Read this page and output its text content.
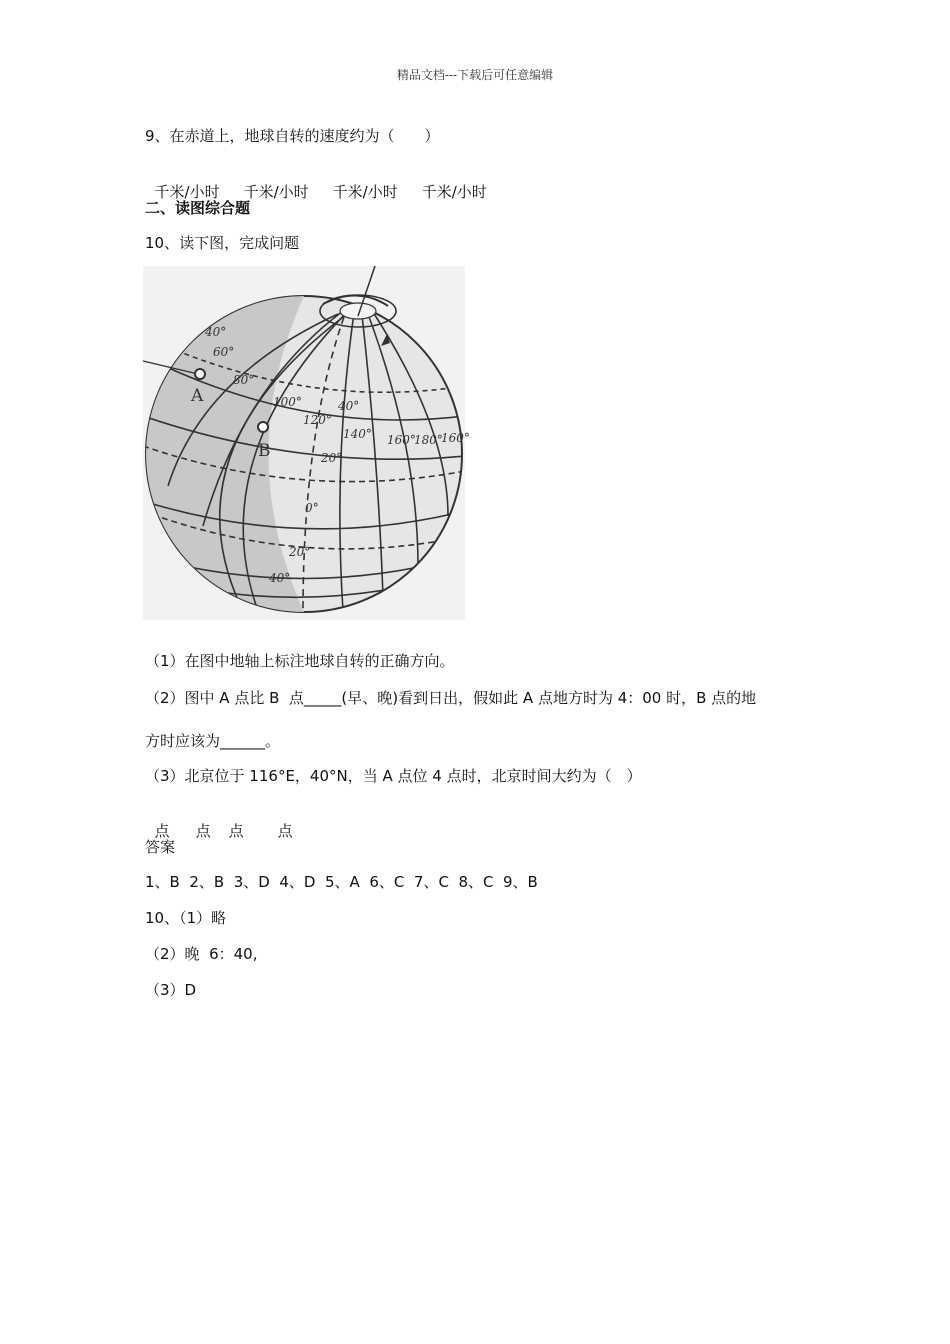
精品文档---下载后可任意编辑
9、在赤道上，地球自转的速度约为（　　）

千米/小时 千米/小时 千米/小时 千米/小时

二、读图综合题
10、读下图，完成问题
A
B
40°
60°
80°
40°
20°
0°
20°
40°
100°
120°
140° 160°
180°
160°
（1）在图中地轴上标注地球自转的正确方向。
（2）图中 A 点比 B  点_____(早、晚)看到日出，假如此 A 点地方时为 4：00 时，B 点的地
方时应该为______。
（3）北京位于 116°E，40°N，当 A 点位 4 点时，北京时间大约为（　）

点 点 点 点

答案
1、B  2、B  3、D  4、D  5、A  6、C  7、C  8、C  9、B
10、（1）略
（2）晚  6：40,
（3）D
